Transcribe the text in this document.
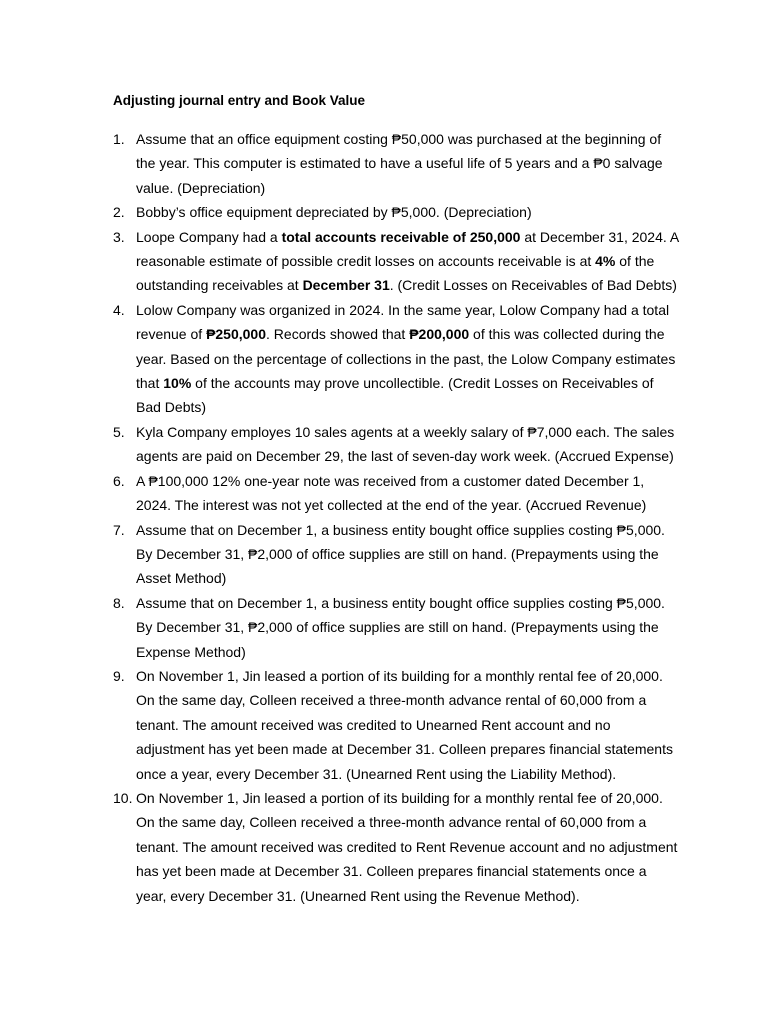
Adjusting journal entry and Book Value
1. Assume that an office equipment costing ₱50,000 was purchased at the beginning of the year. This computer is estimated to have a useful life of 5 years and a ₱0 salvage value. (Depreciation)
2. Bobby’s office equipment depreciated by ₱5,000. (Depreciation)
3. Loope Company had a total accounts receivable of 250,000 at December 31, 2024. A reasonable estimate of possible credit losses on accounts receivable is at 4% of the outstanding receivables at December 31. (Credit Losses on Receivables of Bad Debts)
4. Lolow Company was organized in 2024. In the same year, Lolow Company had a total revenue of ₱250,000. Records showed that ₱200,000 of this was collected during the year. Based on the percentage of collections in the past, the Lolow Company estimates that 10% of the accounts may prove uncollectible. (Credit Losses on Receivables of Bad Debts)
5. Kyla Company employes 10 sales agents at a weekly salary of ₱7,000 each. The sales agents are paid on December 29, the last of seven-day work week. (Accrued Expense)
6. A ₱100,000 12% one-year note was received from a customer dated December 1, 2024. The interest was not yet collected at the end of the year. (Accrued Revenue)
7. Assume that on December 1, a business entity bought office supplies costing ₱5,000. By December 31, ₱2,000 of office supplies are still on hand. (Prepayments using the Asset Method)
8. Assume that on December 1, a business entity bought office supplies costing ₱5,000. By December 31, ₱2,000 of office supplies are still on hand. (Prepayments using the Expense Method)
9. On November 1, Jin leased a portion of its building for a monthly rental fee of 20,000. On the same day, Colleen received a three-month advance rental of 60,000 from a tenant. The amount received was credited to Unearned Rent account and no adjustment has yet been made at December 31. Colleen prepares financial statements once a year, every December 31. (Unearned Rent using the Liability Method).
10. On November 1, Jin leased a portion of its building for a monthly rental fee of 20,000. On the same day, Colleen received a three-month advance rental of 60,000 from a tenant. The amount received was credited to Rent Revenue account and no adjustment has yet been made at December 31. Colleen prepares financial statements once a year, every December 31. (Unearned Rent using the Revenue Method).
